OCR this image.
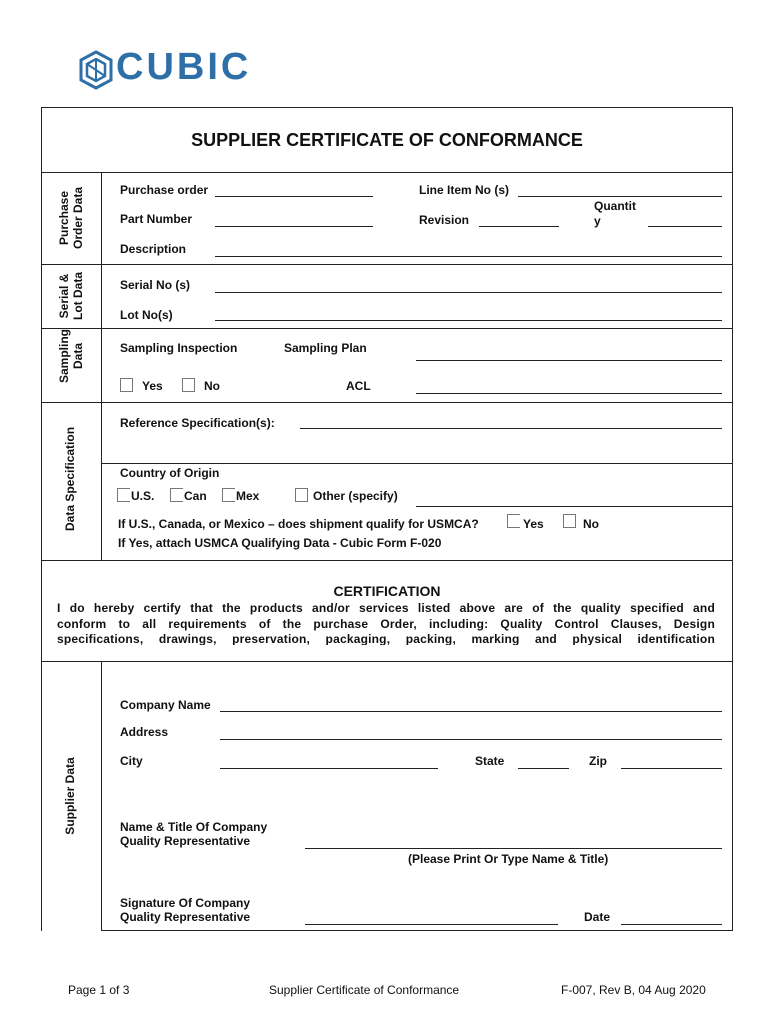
CUBIC
SUPPLIER CERTIFICATE OF CONFORMANCE
Purchase
Order Data
Serial &
Lot Data
Sampling
Data
Data Specification
Supplier Data
Purchase order	Line Item No (s)
Part Number	Revision
Quantit
y
Description
Serial No (s)
Lot No(s)
Sampling Inspection	Sampling Plan
Yes	No	ACL
Reference Specification(s):
Country of Origin
U.S. Can Mex	Other (specify)
If U.S., Canada, or Mexico – does shipment qualify for USMCA?	Yes	No
If Yes, attach USMCA Qualifying Data - Cubic Form F-020
CERTIFICATION
I do hereby certify that the products and/or services listed above are of the quality specified and
conform to all requirements of the purchase Order, including: Quality Control Clauses, Design
specifications, drawings, preservation, packaging, packing, marking and physical identification
Company Name
Address
City	State	Zip
Name & Title Of Company
Quality Representative
(Please Print Or Type Name & Title)
Signature Of Company
Quality Representative	Date
Page 1 of 3	Supplier Certificate of Conformance	F-007, Rev B, 04 Aug 2020
